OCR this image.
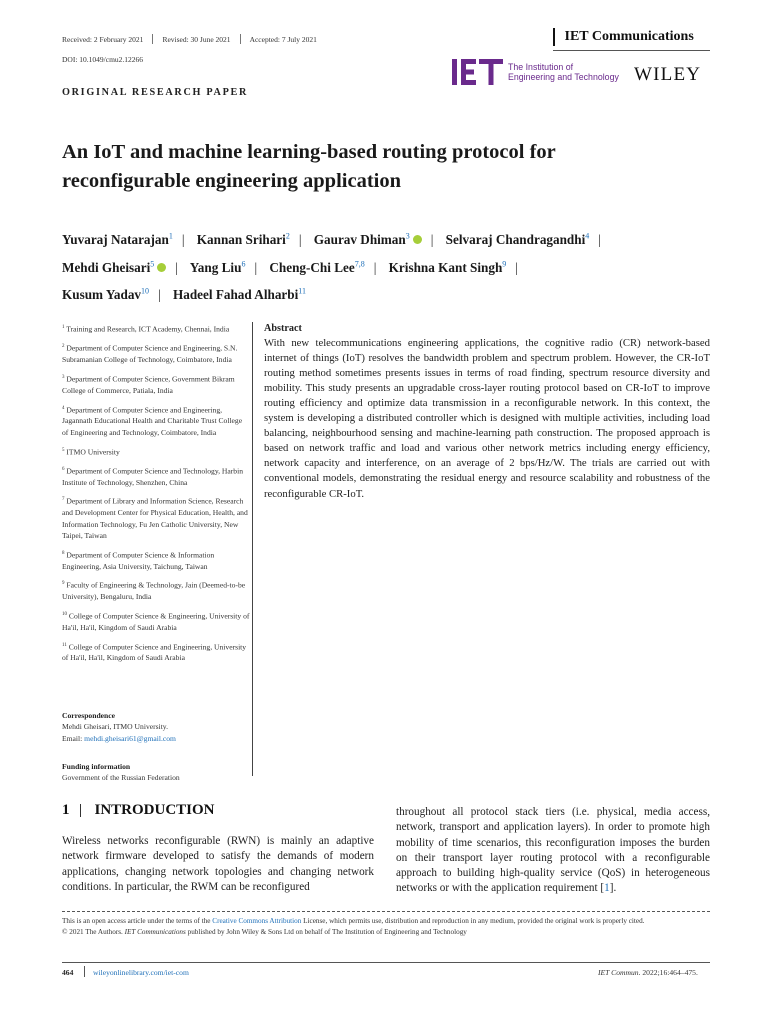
Received: 2 February 2021	Revised: 30 June 2021	Accepted: 7 July 2021
DOI: 10.1049/cmu2.12266
IET Communications
The Institution of
Engineering and Technology WILEY
ORIGINAL RESEARCH PAPER
An IoT and machine learning-based routing protocol for reconfigurable engineering application
Yuvaraj Natarajan$^1$ | Kannan Srihari$^2$ | Gaurav Dhiman$^3$ iD | Selvaraj Chandragandhi$^4$ |
Mehdi Gheisari$^5$ iD | Yang Liu$^6$ | Cheng-Chi Lee$^{7,8}$ | Krishna Kant Singh$^9$ |
Kusum Yadav$^{10}$ | Hadeel Fahad Alharbi$^{11}$

$^1$ Training and Research, ICT Academy, Chennai, India

$^2$ Department of Computer Science and Engineering, S.N. Subramanian College of Technology, Coimbatore, India

$^3$ Department of Computer Science, Government Bikram College of Commerce, Patiala, India

$^4$ Department of Computer Science and Engineering, Jagannath Educational Health and Charitable Trust College of Engineering and Technology, Coimbatore, India

$^5$ ITMO University

$^6$ Department of Computer Science and Technology, Harbin Institute of Technology, Shenzhen, China

$^7$ Department of Library and Information Science, Research and Development Center for Physical Education, Health, and Information Technology, Fu Jen Catholic University, New Taipei, Taiwan

$^8$ Department of Computer Science & Information Engineering, Asia University, Taichung, Taiwan

$^9$ Faculty of Engineering & Technology, Jain (Deemed-to-be University), Bengaluru, India

$^{10}$ College of Computer Science & Engineering, University of Ha'il, Ha'il, Kingdom of Saudi Arabia

$^{11}$ College of Computer Science and Engineering, University of Ha'il, Ha'il, Kingdom of Saudi Arabia

Correspondence
Mehdi Gheisari, ITMO University.
Email: mehdi.gheisari61@gmail.com
Funding information
Government of the Russian Federation
Abstract
With new telecommunications engineering applications, the cognitive radio (CR) network-based internet of things (IoT) resolves the bandwidth problem and spectrum problem. However, the CR-IoT routing method sometimes presents issues in terms of road finding, spectrum resource diversity and mobility. This study presents an upgradable cross-layer routing protocol based on CR-IoT to improve routing efficiency and optimize data transmission in a reconfigurable network. In this context, the system is developing a distributed controller which is designed with multiple activities, including load balancing, neighbourhood sensing and machine-learning path construction. The proposed approach is based on network traffic and load and various other network metrics including energy efficiency, network capacity and interference, on an average of 2 bps/Hz/W. The trials are carried out with conventional models, demonstrating the residual energy and resource scalability and robustness of the reconfigurable CR-IoT.
1 INTRODUCTION
Wireless networks reconfigurable (RWN) is mainly an adaptive network firmware developed to satisfy the demands of modern applications, changing network topologies and changing network conditions. In particular, the RWM can be reconfigured
throughout all protocol stack tiers (i.e. physical, media access, network, transport and application layers). In order to promote high mobility of time scenarios, this reconfiguration imposes the burden on their transport layer routing protocol with a reconfigurable approach to building high-quality service (QoS) in heterogeneous networks or with the application requirement [1].

This is an open access article under the terms of the Creative Commons Attribution License, which permits use, distribution and reproduction in any medium, provided the original work is properly cited.

© 2021 The Authors. IET Communications published by John Wiley & Sons Ltd on behalf of The Institution of Engineering and Technology

464	wileyonlinelibrary.com/iet-com	IET Commun. 2022;16:464–475.
